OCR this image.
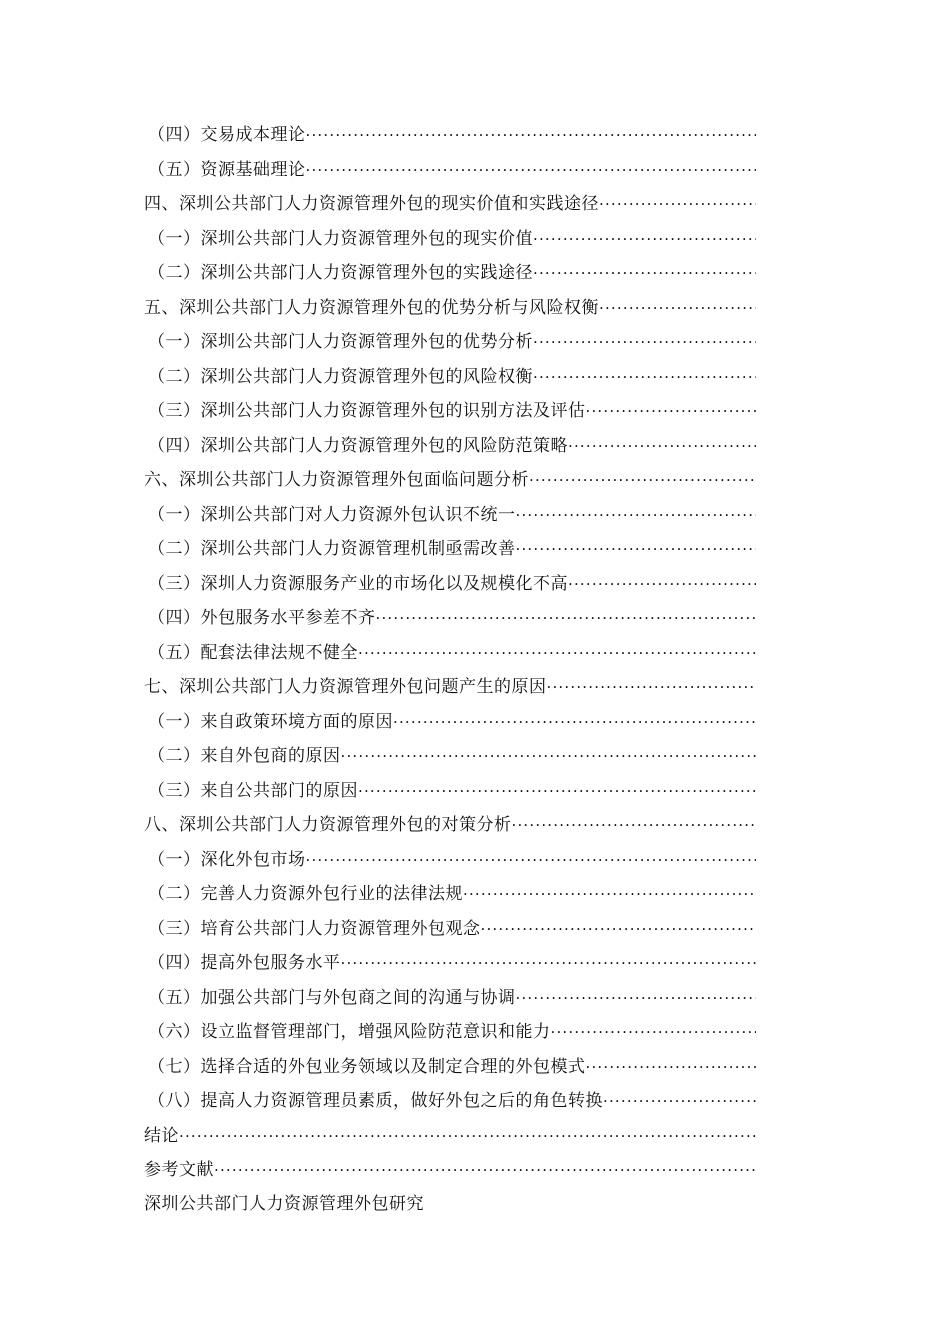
（四）交易成本理论
·····
（五）资源基础理论
·····
四、深圳公共部门人力资源管理外包的现实价值和实践途径
·····
（一）深圳公共部门人力资源管理外包的现实价值
·····
（二）深圳公共部门人力资源管理外包的实践途径
·····
五、深圳公共部门人力资源管理外包的优势分析与风险权衡
·····
（一）深圳公共部门人力资源管理外包的优势分析
·····
（二）深圳公共部门人力资源管理外包的风险权衡
·····
（三）深圳公共部门人力资源管理外包的识别方法及评估
·····
（四）深圳公共部门人力资源管理外包的风险防范策略
·····
六、深圳公共部门人力资源管理外包面临问题分析
·····
（一）深圳公共部门对人力资源外包认识不统一
·····
（二）深圳公共部门人力资源管理机制亟需改善
·····
（三）深圳人力资源服务产业的市场化以及规模化不高
·····
（四）外包服务水平参差不齐
·····
（五）配套法律法规不健全
·····
七、深圳公共部门人力资源管理外包问题产生的原因
·····
（一）来自政策环境方面的原因
·····
（二）来自外包商的原因
·····
（三）来自公共部门的原因
·····
八、深圳公共部门人力资源管理外包的对策分析
·····
（一）深化外包市场
·····
（二）完善人力资源外包行业的法律法规
·····
（三）培育公共部门人力资源管理外包观念
·····
（四）提高外包服务水平
·····
（五）加强公共部门与外包商之间的沟通与协调
·····
（六）设立监督管理部门，增强风险防范意识和能力
·····
（七）选择合适的外包业务领域以及制定合理的外包模式
·····
（八）提高人力资源管理员素质，做好外包之后的角色转换
·····
结论
·····
参考文献
·····
深圳公共部门人力资源管理外包研究
